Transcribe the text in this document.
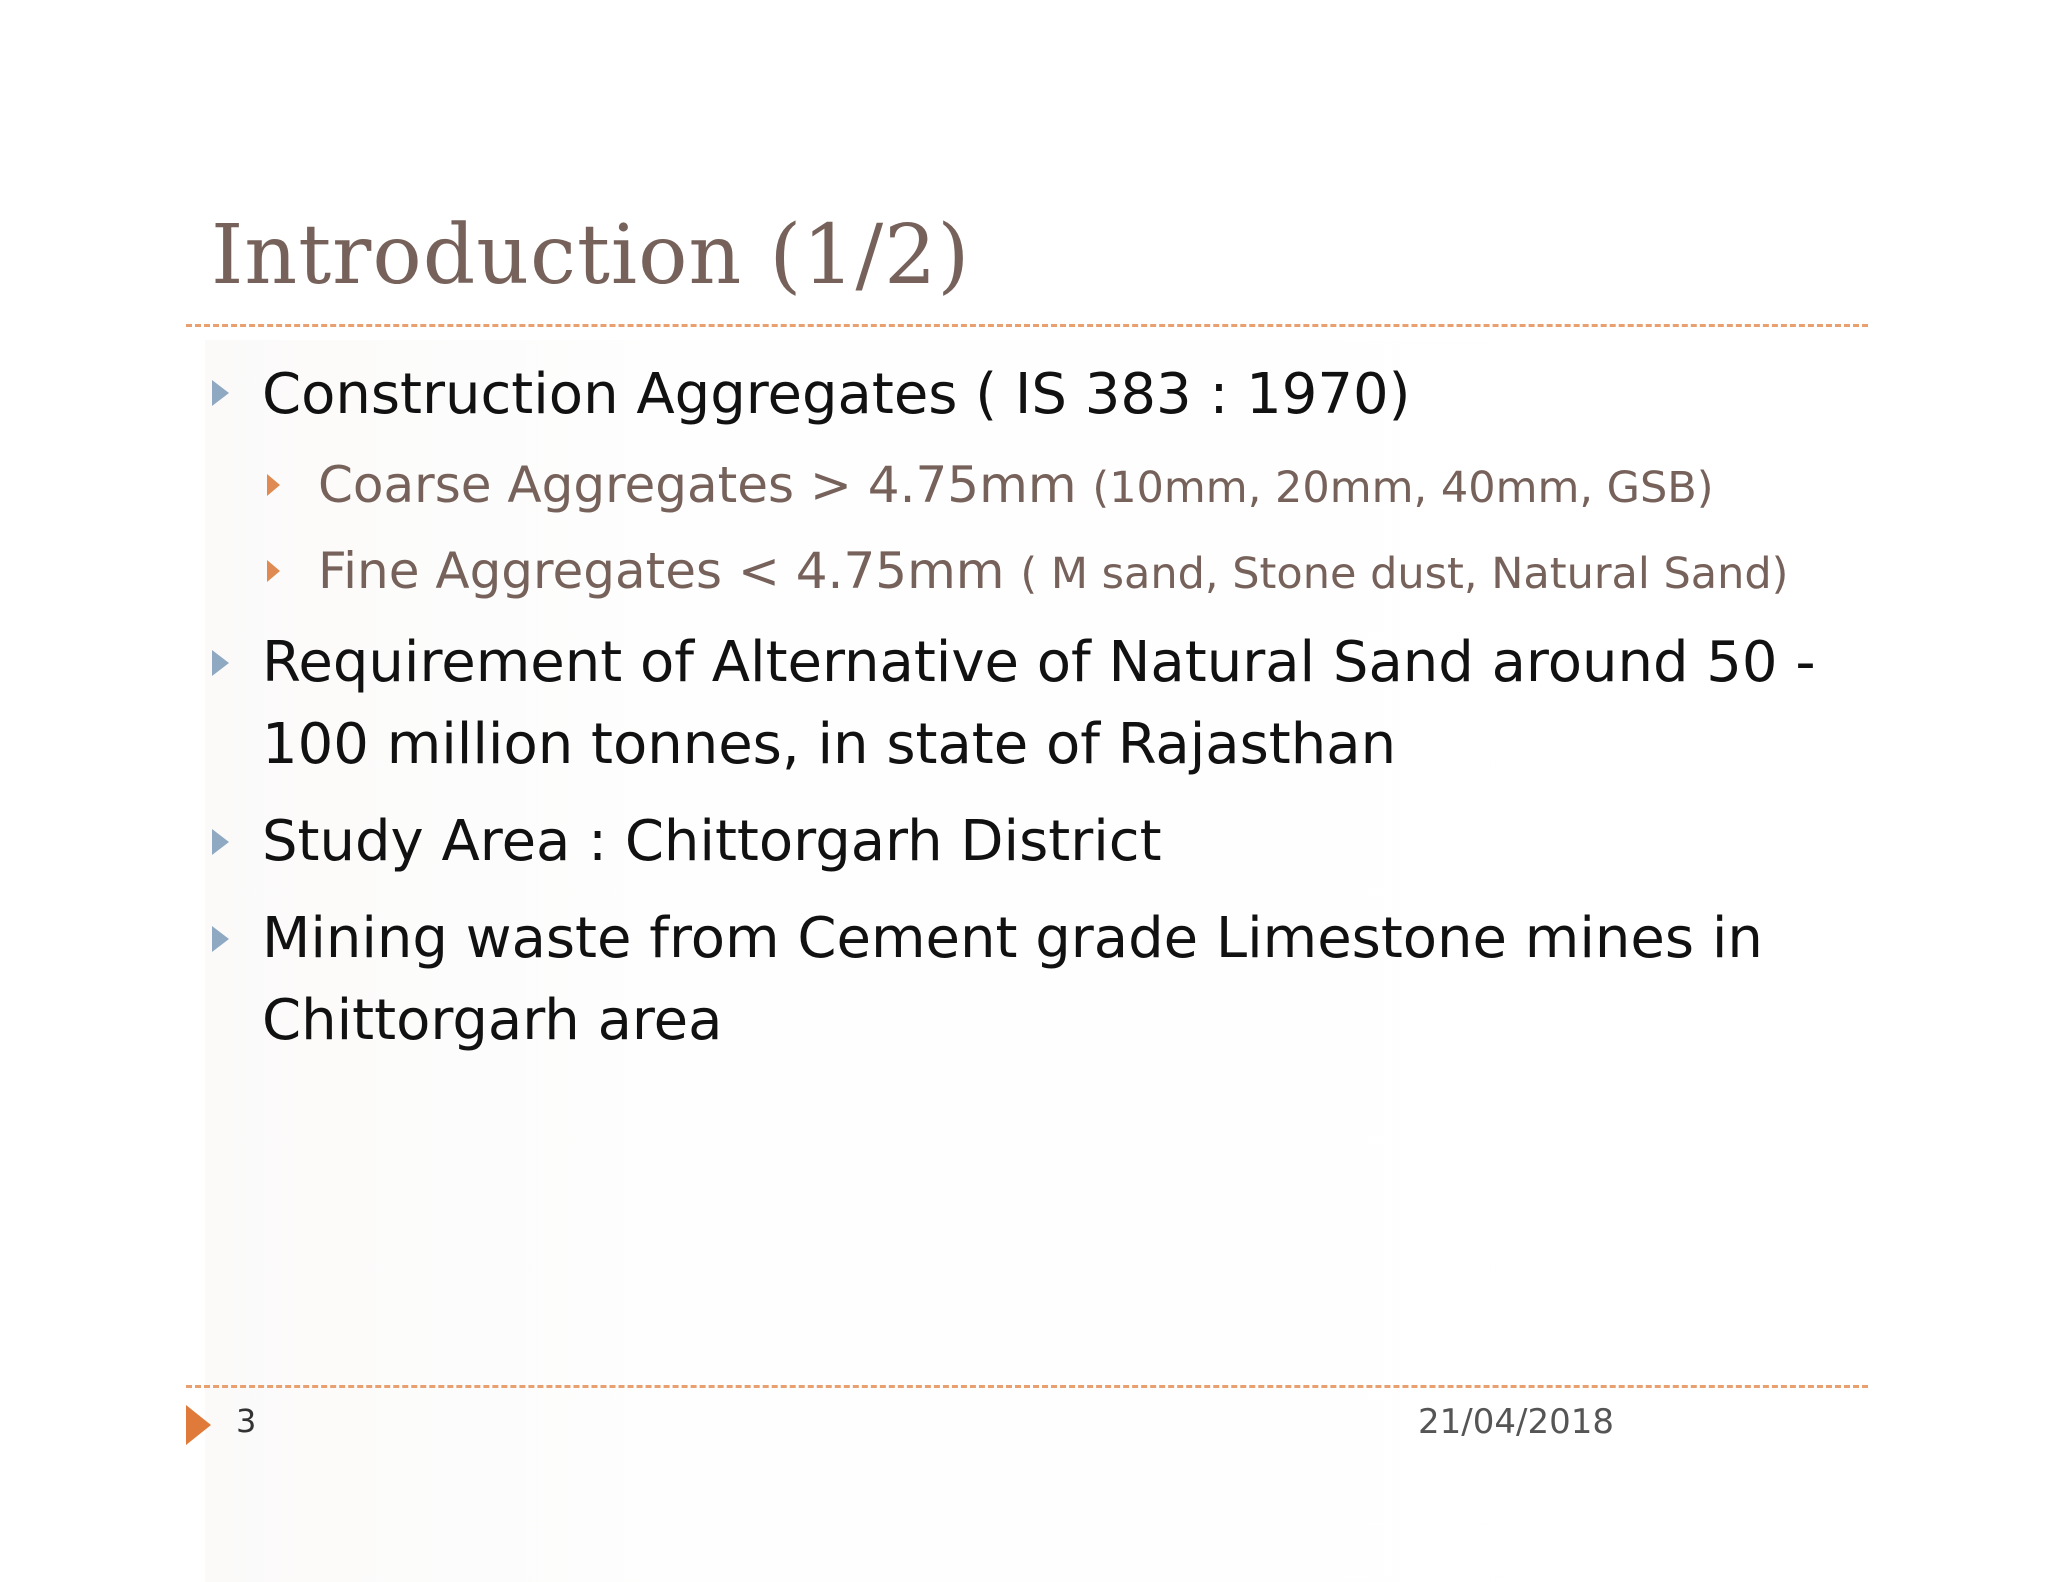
Introduction (1/2)
Construction Aggregates ( IS 383 : 1970)
Coarse Aggregates > 4.75mm (10mm, 20mm, 40mm, GSB)
Fine Aggregates < 4.75mm ( M sand, Stone dust, Natural Sand)
Requirement of Alternative of Natural Sand around 50 -
100 million tonnes, in state of Rajasthan
Study Area : Chittorgarh District
Mining waste from Cement grade Limestone mines in
Chittorgarh area
3	21/04/2018
